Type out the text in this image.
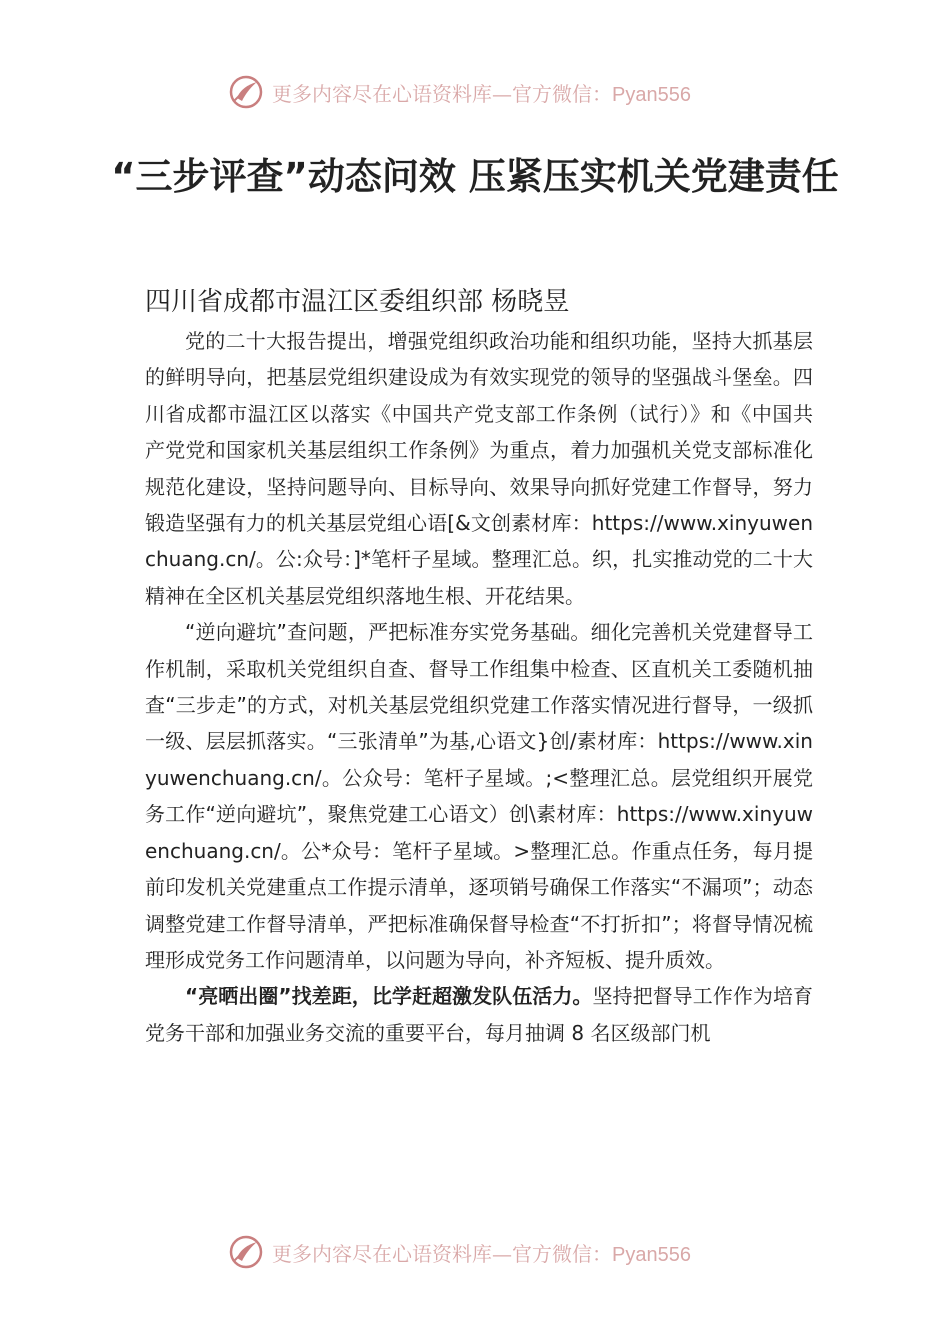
更多内容尽在心语资料库—官方微信：Pyan556
“三步评查”动态问效 压紧压实机关党建责任
四川省成都市温江区委组织部 杨晓昱

党的二十大报告提出，增强党组织政治功能和组织功能，坚持大抓基层的鲜明导向，把基层党组织建设成为有效实现党的领导的坚强战斗堡垒。四川省成都市温江区以落实《中国共产党支部工作条例（试行）》和《中国共产党党和国家机关基层组织工作条例》为重点，着力加强机关党支部标准化规范化建设，坚持问题导向、目标导向、效果导向抓好党建工作督导，努力锻造坚强有力的机关基层党组心语[&文创素材库：https://www.xinyuwenchuang.cn/。公:众号：]*笔杆子星域。整理汇总。织，扎实推动党的二十大精神在全区机关基层党组织落地生根、开花结果。

“逆向避坑”查问题，严把标准夯实党务基础。细化完善机关党建督导工作机制，采取机关党组织自查、督导工作组集中检查、区直机关工委随机抽查“三步走”的方式，对机关基层党组织党建工作落实情况进行督导，一级抓一级、层层抓落实。“三张清单”为基,心语文}创/素材库：https://www.xinyuwenchuang.cn/。公众号：笔杆子星域。;<整理汇总。层党组织开展党务工作“逆向避坑”，聚焦党建工心语文）创\素材库：https://www.xinyuwenchuang.cn/。公*众号：笔杆子星域。>整理汇总。作重点任务，每月提前印发机关党建重点工作提示清单，逐项销号确保工作落实“不漏项”；动态调整党建工作督导清单，严把标准确保督导检查“不打折扣”；将督导情况梳理形成党务工作问题清单，以问题为导向，补齐短板、提升质效。

“亮晒出圈”找差距，比学赶超激发队伍活力。坚持把督导工作作为培育党务干部和加强业务交流的重要平台，每月抽调 8 名区级部门机

更多内容尽在心语资料库—官方微信：Pyan556
